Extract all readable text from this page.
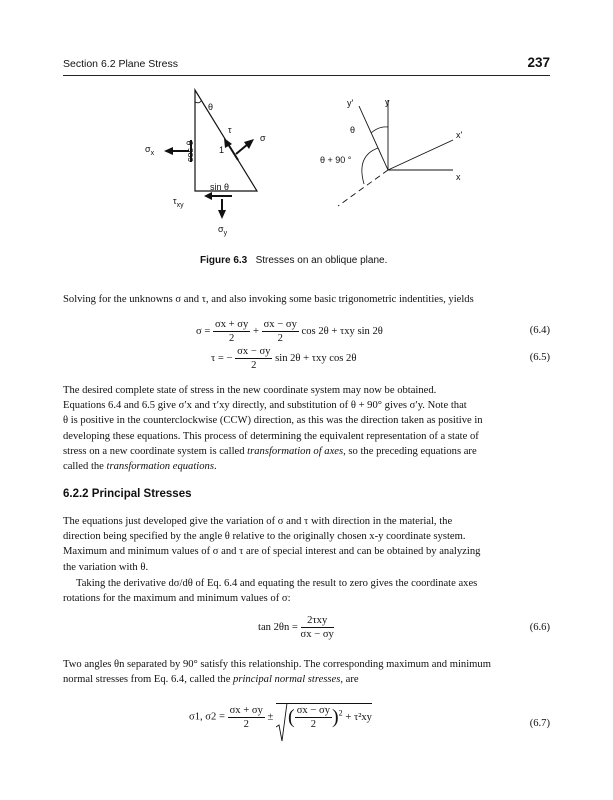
Section 6.2 Plane Stress	237
θ
τ
σ
$\sigma_x$	1
cos θ
sin θ
$\tau_{xy}$
$\sigma_y$
y'	y
x'
x
θ
θ + 90 °
Figure 6.3 Stresses on an oblique plane.
Solving for the unknowns σ and τ, and also invoking some basic trigonometric indentities, yields
$\sigma = \frac{\sigma x + \sigma y}{2} + \frac{\sigma x - \sigma y}{2}$ cos 2θ + τxy sin 2θ	(6.4)
τ = − $\frac{\sigma x - \sigma y}{2}$ sin 2θ + τxy cos 2θ	(6.5)
The desired complete state of stress in the new coordinate system may now be obtained.
Equations 6.4 and 6.5 give σ′x and τ′xy directly, and substitution of θ + 90° gives σ′y. Note that
θ is positive in the counterclockwise (CCW) direction, as this was the direction taken as positive in
developing these equations. This process of determining the equivalent representation of a state of
stress on a new coordinate system is called transformation of axes, so the preceding equations are
called the transformation equations.
6.2.2 Principal Stresses
The equations just developed give the variation of σ and τ with direction in the material, the
direction being specified by the angle θ relative to the originally chosen x-y coordinate system.
Maximum and minimum values of σ and τ are of special interest and can be obtained by analyzing
the variation with θ.
Taking the derivative dσ/dθ of Eq. 6.4 and equating the result to zero gives the coordinate axes
rotations for the maximum and minimum values of σ:
$\tan 2\theta n = \frac{\text{2τxy}}{\sigma x - \sigma y}$	(6.6)
Two angles θn separated by 90° satisfy this relationship. The corresponding maximum and minimum
normal stresses from Eq. 6.4, called the principal normal stresses, are
σ1, $\sigma 2 = \frac{\sigma x + \sigma y}{2}$ ± ( $\frac{\sigma x - \sigma y}{2} )^2 + \tau^2xy$
(6.7)
